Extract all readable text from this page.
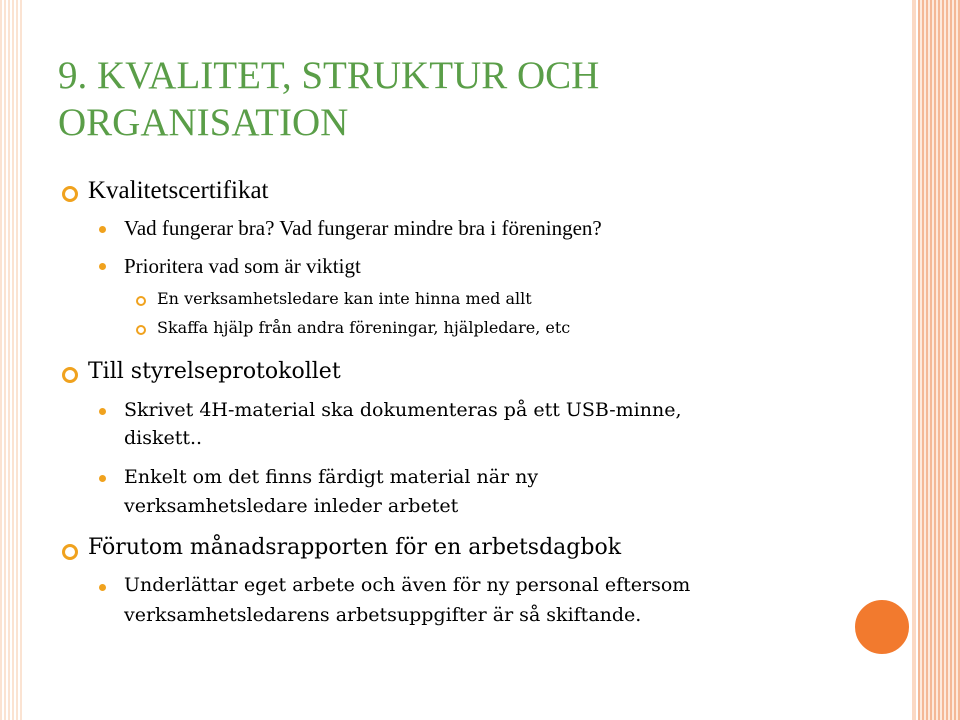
9. KVALITET, STRUKTUR OCH
ORGANISATION
Kvalitetscertifikat
Vad fungerar bra? Vad fungerar mindre bra i föreningen?
Prioritera vad som är viktigt
En verksamhetsledare kan inte hinna med allt
Skaffa hjälp från andra föreningar, hjälpledare, etc
Till styrelseprotokollet
Skrivet 4H-material ska dokumenteras på ett USB-minne,
diskett..
Enkelt om det finns färdigt material när ny
verksamhetsledare inleder arbetet
Förutom månadsrapporten för en arbetsdagbok
Underlättar eget arbete och även för ny personal eftersom
verksamhetsledarens arbetsuppgifter är så skiftande.
